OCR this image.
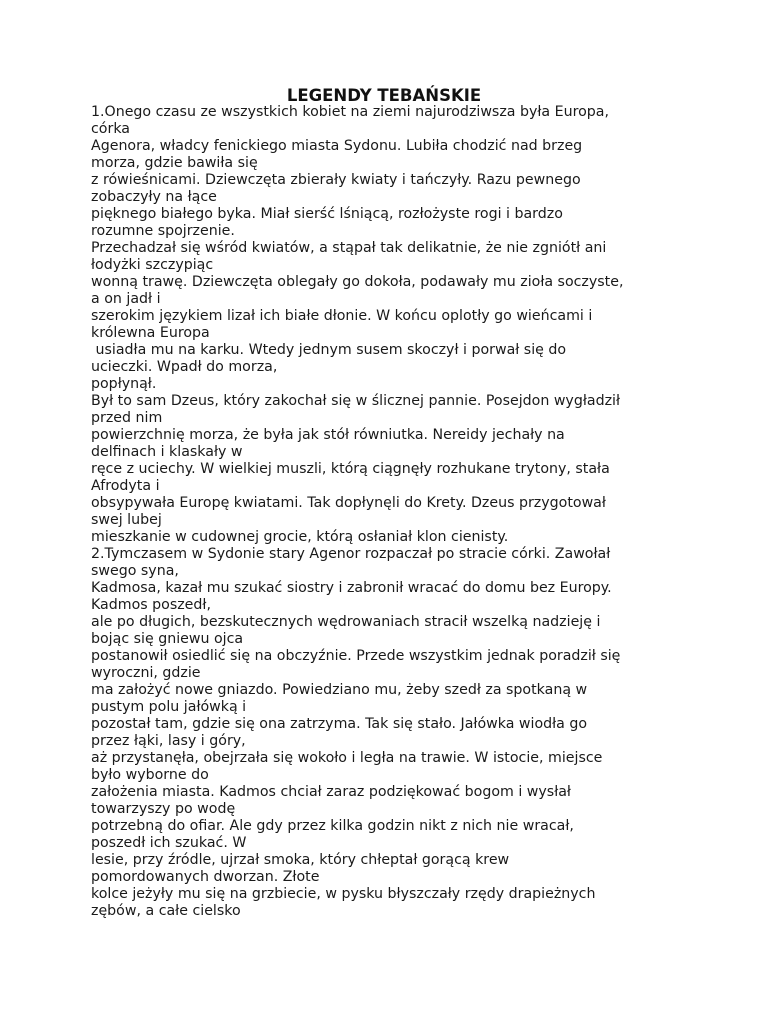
LEGENDY TEBAŃSKIE
1.Onego czasu ze wszystkich kobiet na ziemi najurodziwsza była Europa,
córka
Agenora, władcy fenickiego miasta Sydonu. Lubiła chodzić nad brzeg
morza, gdzie bawiła się
z rówieśnicami. Dziewczęta zbierały kwiaty i tańczyły. Razu pewnego
zobaczyły na łące
pięknego białego byka. Miał sierść lśniącą, rozłożyste rogi i bardzo
rozumne spojrzenie.
Przechadzał się wśród kwiatów, a stąpał tak delikatnie, że nie zgniótł ani
łodyżki szczypiąc
wonną trawę. Dziewczęta oblegały go dokoła, podawały mu zioła soczyste,
a on jadł i
szerokim językiem lizał ich białe dłonie. W końcu oplotły go wieńcami i
królewna Europa
usiadła mu na karku. Wtedy jednym susem skoczył i porwał się do
ucieczki. Wpadł do morza,
popłynął.
Był to sam Dzeus, który zakochał się w ślicznej pannie. Posejdon wygładził
przed nim
powierzchnię morza, że była jak stół równiutka. Nereidy jechały na
delfinach i klaskały w
ręce z uciechy. W wielkiej muszli, którą ciągnęły rozhukane trytony, stała
Afrodyta i
obsypywała Europę kwiatami. Tak dopłynęli do Krety. Dzeus przygotował
swej lubej
mieszkanie w cudownej grocie, którą osłaniał klon cienisty.
2.Tymczasem w Sydonie stary Agenor rozpaczał po stracie córki. Zawołał
swego syna,
Kadmosa, kazał mu szukać siostry i zabronił wracać do domu bez Europy.
Kadmos poszedł,
ale po długich, bezskutecznych wędrowaniach stracił wszelką nadzieję i
bojąc się gniewu ojca
postanowił osiedlić się na obczyźnie. Przede wszystkim jednak poradził się
wyroczni, gdzie
ma założyć nowe gniazdo. Powiedziano mu, żeby szedł za spotkaną w
pustym polu jałówką i
pozostał tam, gdzie się ona zatrzyma. Tak się stało. Jałówka wiodła go
przez łąki, lasy i góry,
aż przystanęła, obejrzała się wokoło i legła na trawie. W istocie, miejsce
było wyborne do
założenia miasta. Kadmos chciał zaraz podziękować bogom i wysłał
towarzyszy po wodę
potrzebną do ofiar. Ale gdy przez kilka godzin nikt z nich nie wracał,
poszedł ich szukać. W
lesie, przy źródle, ujrzał smoka, który chłeptał gorącą krew
pomordowanych dworzan. Złote
kolce jeżyły mu się na grzbiecie, w pysku błyszczały rzędy drapieżnych
zębów, a całe cielsko
